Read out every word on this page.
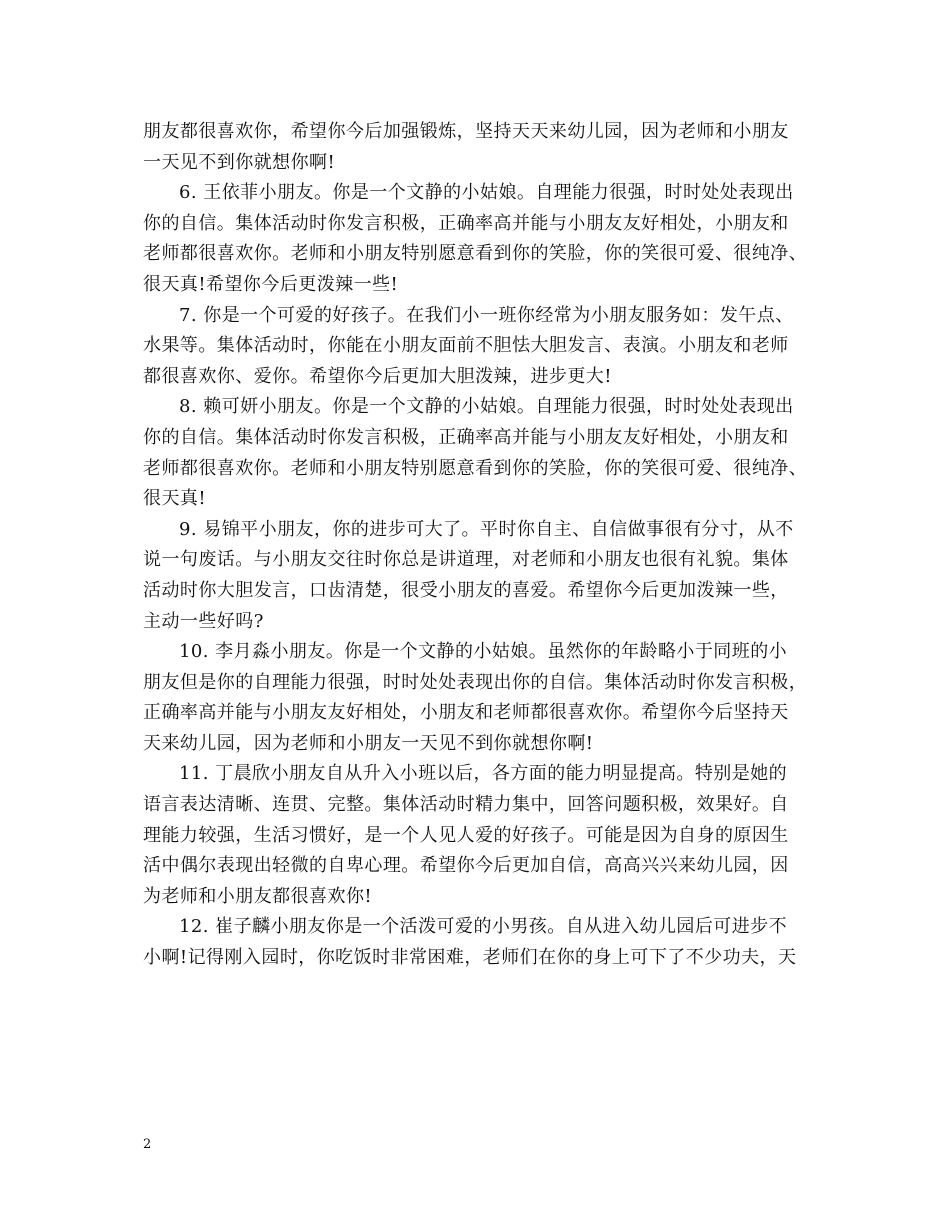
朋友都很喜欢你，希望你今后加强锻炼，坚持天天来幼儿园，因为老师和小朋友
一天见不到你就想你啊!
6. 王依菲小朋友。你是一个文静的小姑娘。自理能力很强，时时处处表现出
你的自信。集体活动时你发言积极，正确率高并能与小朋友友好相处，小朋友和
老师都很喜欢你。老师和小朋友特别愿意看到你的笑脸，你的笑很可爱、很纯净、
很天真!希望你今后更泼辣一些!
7. 你是一个可爱的好孩子。在我们小一班你经常为小朋友服务如：发午点、
水果等。集体活动时，你能在小朋友面前不胆怯大胆发言、表演。小朋友和老师
都很喜欢你、爱你。希望你今后更加大胆泼辣，进步更大!
8. 赖可妍小朋友。你是一个文静的小姑娘。自理能力很强，时时处处表现出
你的自信。集体活动时你发言积极，正确率高并能与小朋友友好相处，小朋友和
老师都很喜欢你。老师和小朋友特别愿意看到你的笑脸，你的笑很可爱、很纯净、
很天真!
9. 易锦平小朋友，你的进步可大了。平时你自主、自信做事很有分寸，从不
说一句废话。与小朋友交往时你总是讲道理，对老师和小朋友也很有礼貌。集体
活动时你大胆发言，口齿清楚，很受小朋友的喜爱。希望你今后更加泼辣一些，
主动一些好吗?
10. 李月淼小朋友。你是一个文静的小姑娘。虽然你的年龄略小于同班的小
朋友但是你的自理能力很强，时时处处表现出你的自信。集体活动时你发言积极，
正确率高并能与小朋友友好相处，小朋友和老师都很喜欢你。希望你今后坚持天
天来幼儿园，因为老师和小朋友一天见不到你就想你啊!
11. 丁晨欣小朋友自从升入小班以后，各方面的能力明显提高。特别是她的
语言表达清晰、连贯、完整。集体活动时精力集中，回答问题积极，效果好。自
理能力较强，生活习惯好，是一个人见人爱的好孩子。可能是因为自身的原因生
活中偶尔表现出轻微的自卑心理。希望你今后更加自信，高高兴兴来幼儿园，因
为老师和小朋友都很喜欢你!
12. 崔子麟小朋友你是一个活泼可爱的小男孩。自从进入幼儿园后可进步不
小啊!记得刚入园时，你吃饭时非常困难，老师们在你的身上可下了不少功夫，天
2
